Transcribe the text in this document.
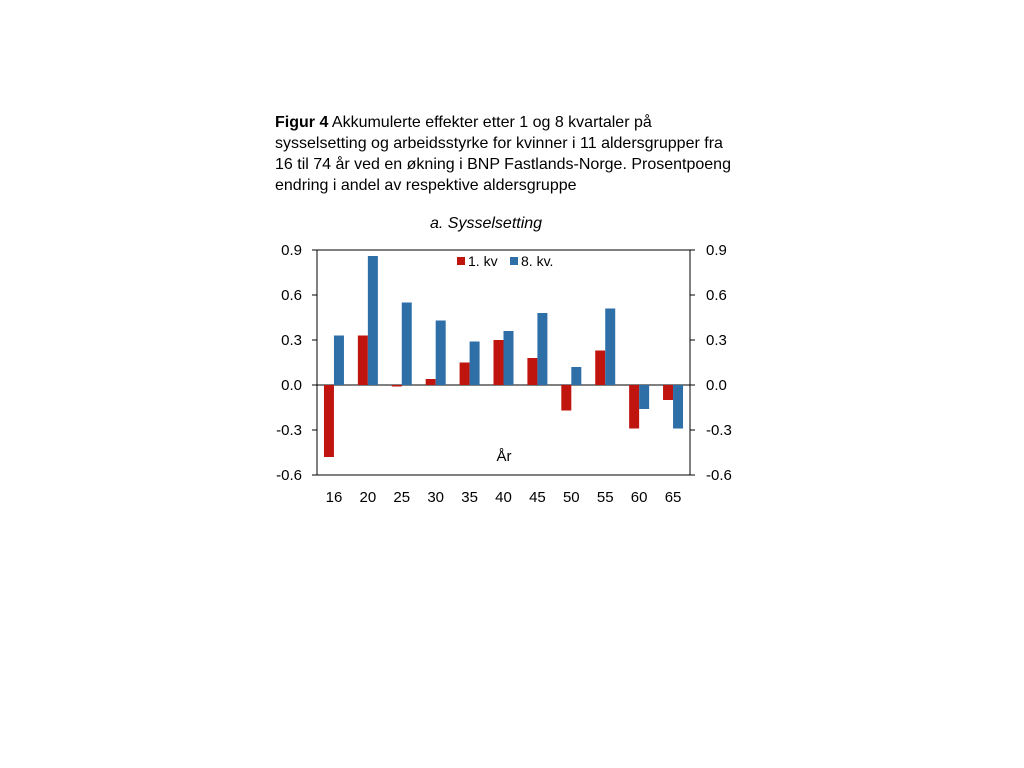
Figur 4 Akkumulerte effekter etter 1 og 8 kvartaler på sysselsetting og arbeidsstyrke for kvinner i 11 aldersgrupper fra 16 til 74 år ved en økning i BNP Fastlands-Norge. Prosentpoeng endring i andel av respektive aldersgruppe
a. Sysselsetting
-0.6
-0.3
0.0
0.3
0.6
0.9
-0.6
-0.3
0.0
0.3
0.6
0.9
16 20 25 30 35 40 45 50 55 60 65
1. kv 8. kv.
År
